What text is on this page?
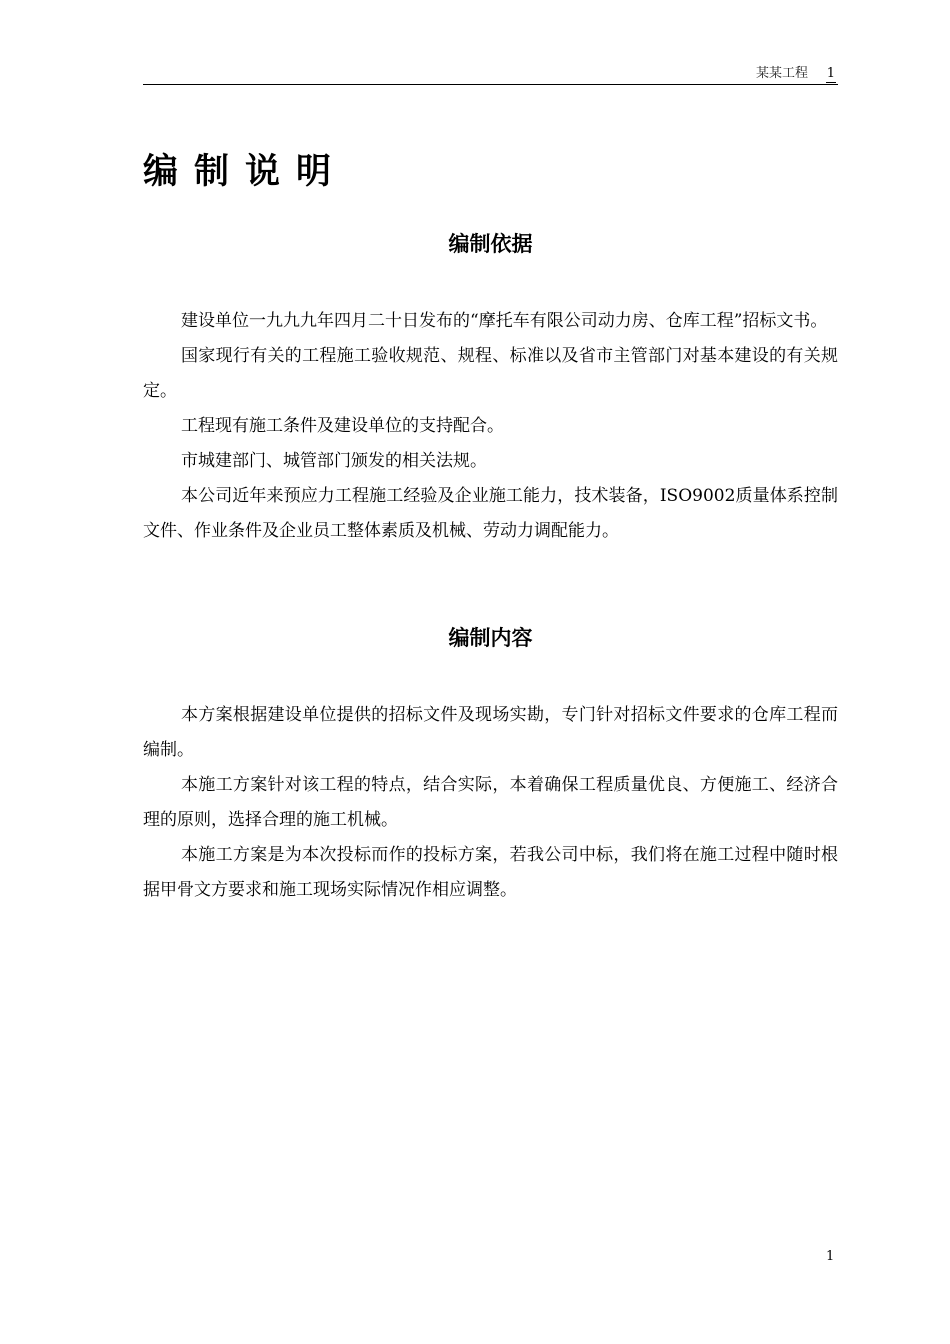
某某工程 1
编制说明
编制依据

建设单位一九九九年四月二十日发布的“摩托车有限公司动力房、仓库工程”招标文书。

国家现行有关的工程施工验收规范、规程、标准以及省市主管部门对基本建设的有关规定。

工程现有施工条件及建设单位的支持配合。

市城建部门、城管部门颁发的相关法规。

本公司近年来预应力工程施工经验及企业施工能力，技术装备，ISO9002质量体系控制文件、作业条件及企业员工整体素质及机械、劳动力调配能力。

编制内容

本方案根据建设单位提供的招标文件及现场实勘，专门针对招标文件要求的仓库工程而编制。

本施工方案针对该工程的特点，结合实际，本着确保工程质量优良、方便施工、经济合理的原则，选择合理的施工机械。

本施工方案是为本次投标而作的投标方案，若我公司中标，我们将在施工过程中随时根据甲骨文方要求和施工现场实际情况作相应调整。

1
